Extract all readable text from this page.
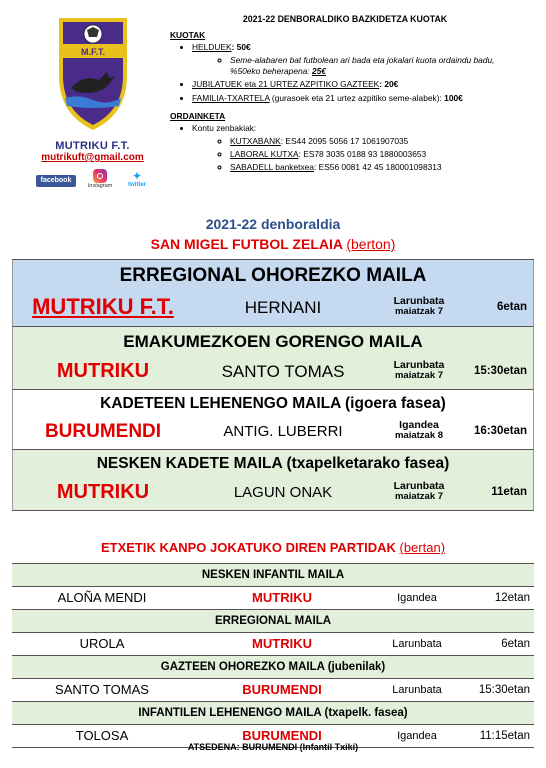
M.F.T.
MUTRIKU F.T.
mutrikuft@gmail.com
facebook
Instagram
✦
twitter
2021-22 DENBORALDIKO BAZKIDETZA KUOTAK
KUOTAK
• HELDUEK: 50€
◦ Seme-alabaren bat futbolean ari bada eta jokalari kuota ordaindu badu, %50eko beherapena: 25€
• JUBILATUEK eta 21 URTEZ AZPITIKO GAZTEEK: 20€
• FAMILIA-TXARTELA (gurasoek eta 21 urtez azpitiko seme-alabek): 100€
ORDAINKETA
• Kontu zenbakiak:
◦ KUTXABANK: ES44 2095 5056 17 1061907035
◦ LABORAL KUTXA: ES78 3035 0188 93 1880003653
◦ SABADELL banketxea: ES56 0081 42 45 180001098313
2021-22 denboraldia
SAN MIGEL FUTBOL ZELAIA (berton)
ERREGIONAL OHOREZKO MAILA
MUTRIKU F.T.	HERNANI	Larunbata
maiatzak 7	6etan
EMAKUMEZKOEN GORENGO MAILA
MUTRIKU	SANTO TOMAS	Larunbata
maiatzak 7	15:30etan
KADETEEN LEHENENGO MAILA (igoera fasea)
BURUMENDI	ANTIG. LUBERRI	Igandea
maiatzak 8	16:30etan
NESKEN KADETE MAILA (txapelketarako fasea)
MUTRIKU	LAGUN ONAK	Larunbata
maiatzak 7	11etan
ETXETIK KANPO JOKATUKO DIREN PARTIDAK (bertan)
NESKEN INFANTIL MAILA
ALOÑA MENDI	MUTRIKU	Igandea	12etan
ERREGIONAL MAILA
UROLA	MUTRIKU	Larunbata	6etan
GAZTEEN OHOREZKO MAILA (jubenilak)
SANTO TOMAS	BURUMENDI	Larunbata	15:30etan
INFANTILEN LEHENENGO MAILA (txapelk. fasea)
TOLOSA	BURUMENDI	Igandea	11:15etan
ATSEDENA: BURUMENDI (Infantil Txiki)
